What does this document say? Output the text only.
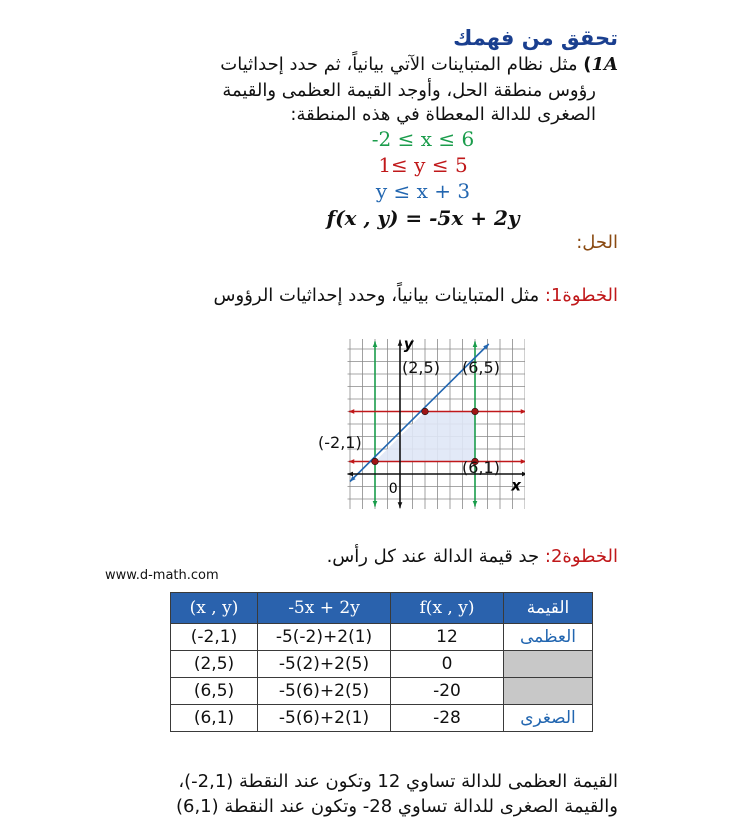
تحقق من فهمك
1A) مثل نظام المتباينات الآتي بيانياً، ثم حدد إحداثيات
رؤوس منطقة الحل، وأوجد القيمة العظمى والقيمة
الصغرى للدالة المعطاة في هذه المنطقة:
-2 ≤ x ≤ 6
1≤ y ≤ 5
y ≤ x + 3
f(x , y) = -5x + 2y
الحل:
الخطوة1: مثل المتباينات بيانياً، وحدد إحداثيات الرؤوس
x
y
0
(-2,1)
(2,5) (6,5)
(6,1)
الخطوة2: جد قيمة الدالة عند كل رأس.
www.d-math.com
(x , y)	-5x + 2y	f(x , y)	القيمة
(-2,1)	-5(-2)+2(1)	12	العظمى
(2,5)	-5(2)+2(5)	0	
(6,5)	-5(6)+2(5)	-20	
(6,1)	-5(6)+2(1)	-28	الصغرى
القيمة العظمى للدالة تساوي 12 وتكون عند النقطة (2,1-)،
والقيمة الصغرى للدالة تساوي 28- وتكون عند النقطة (6,1)
